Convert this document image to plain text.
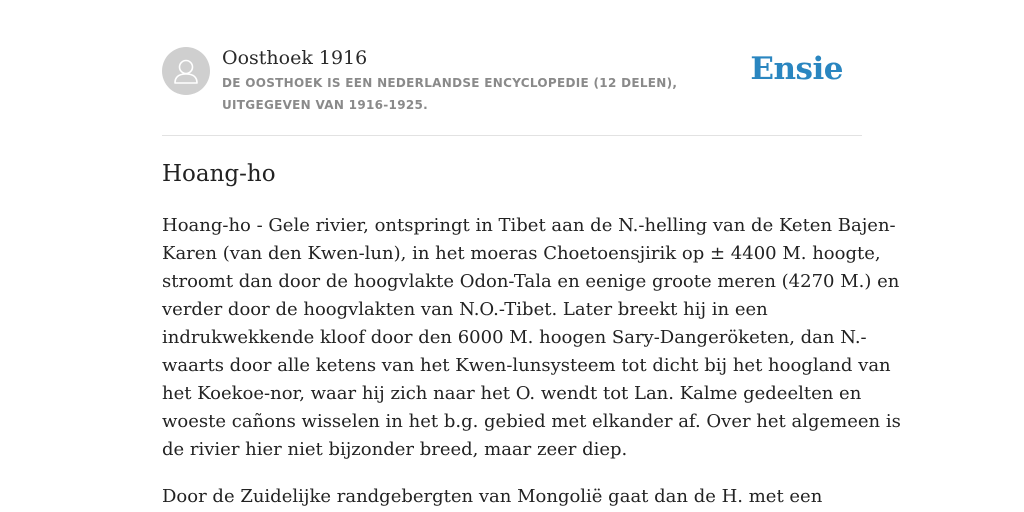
Oosthoek 1916
DE OOSTHOEK IS EEN NEDERLANDSE ENCYCLOPEDIE (12 DELEN), UITGEGEVEN VAN 1916-1925.
Ensie
Hoang-ho

Hoang-ho - Gele rivier, ontspringt in Tibet aan de N.-helling van de Keten Bajen-
Karen (van den Kwen-lun), in het moeras Choetoensjirik op ± 4400 M. hoogte,
stroomt dan door de hoogvlakte Odon-Tala en eenige groote meren (4270 M.) en
verder door de hoogvlakten van N.O.-Tibet. Later breekt hij in een
indrukwekkende kloof door den 6000 M. hoogen Sary-Dangeröketen, dan N.-
waarts door alle ketens van het Kwen-lunsysteem tot dicht bij het hoogland van
het Koekoe-nor, waar hij zich naar het O. wendt tot Lan. Kalme gedeelten en
woeste cañons wisselen in het b.g. gebied met elkander af. Over het algemeen is
de rivier hier niet bijzonder breed, maar zeer diep.

Door de Zuidelijke randgebergten van Mongolië gaat dan de H. met een
